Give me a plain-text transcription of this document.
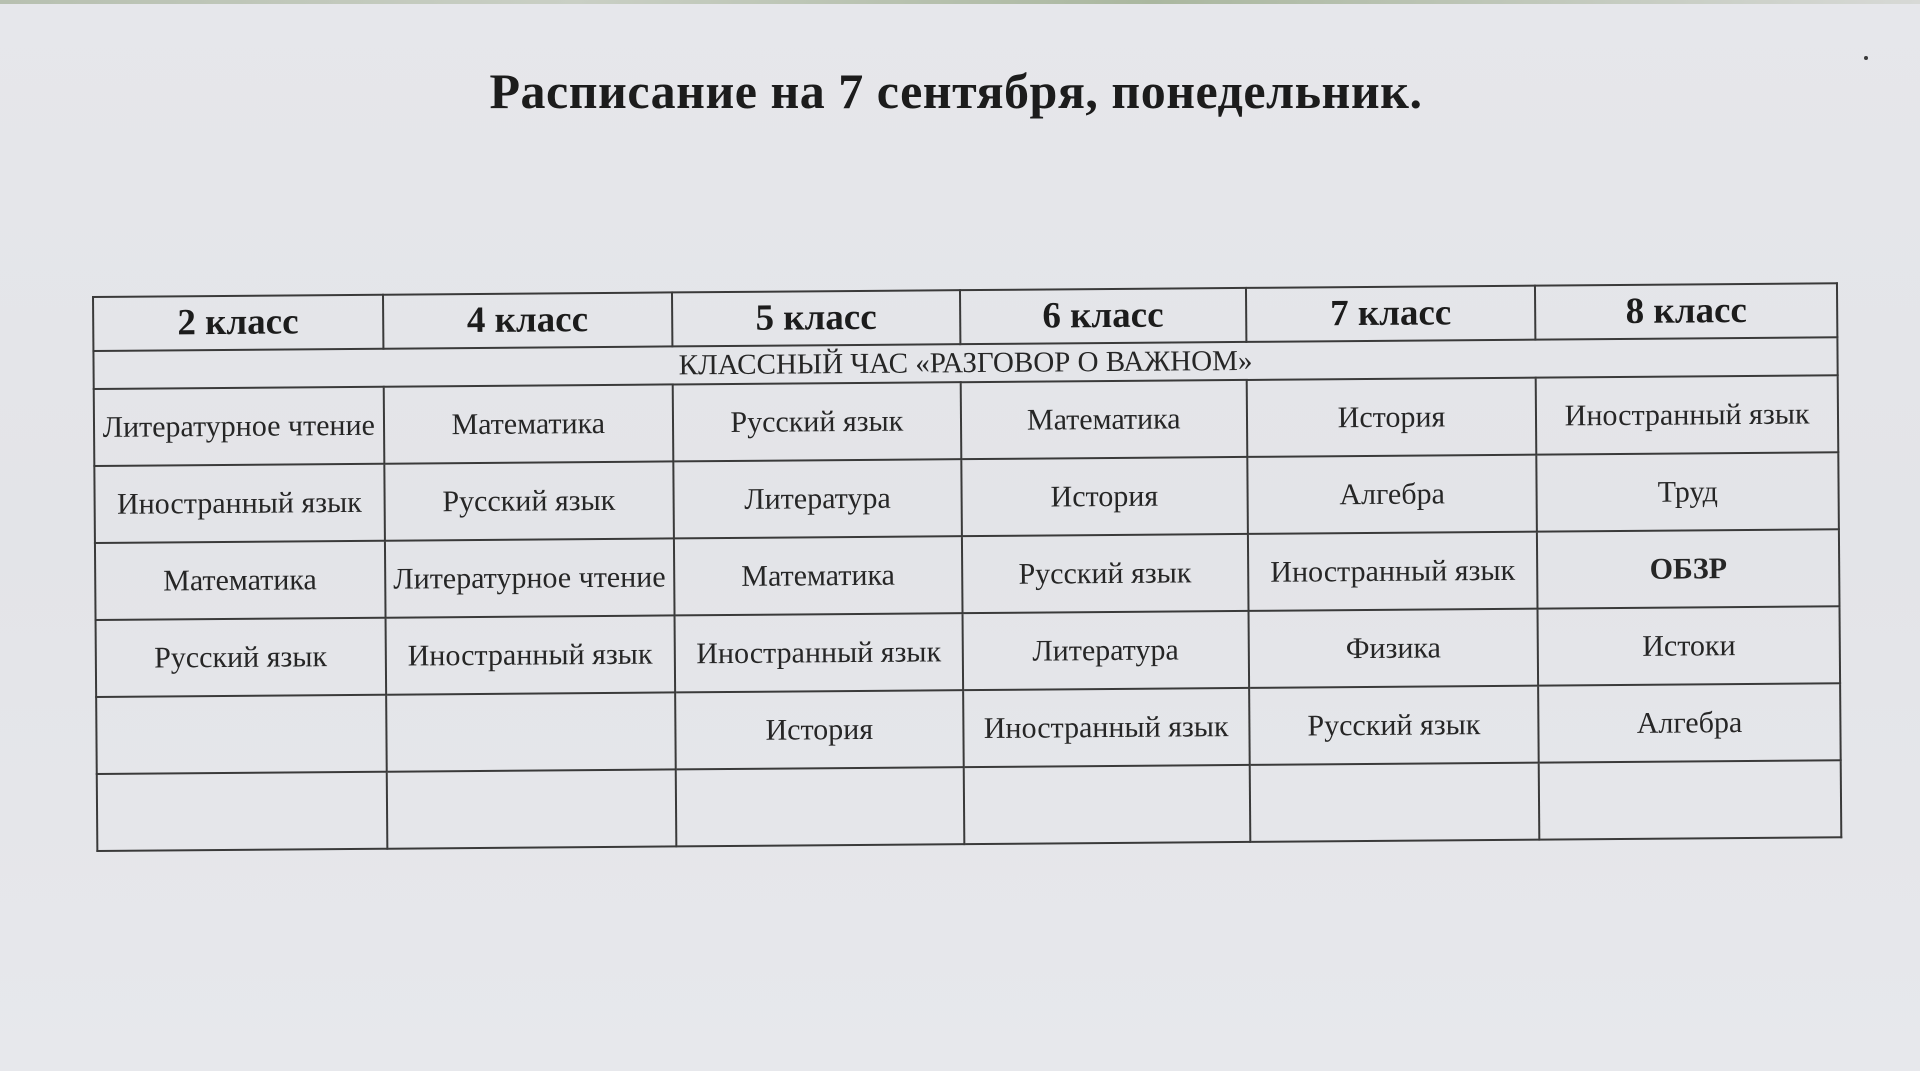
Расписание на 7 сентября, понедельник.
2 класс	4 класс	5 класс	6 класс	7 класс	8 класс
КЛАССНЫЙ ЧАС «РАЗГОВОР О ВАЖНОМ»					
Литературное чтение	Математика	Русский язык	Математика	История	Иностранный язык
Иностранный язык	Русский язык	Литература	История	Алгебра	Труд
Математика	Литературное чтение	Математика	Русский язык	Иностранный язык	ОБЗР
Русский язык	Иностранный язык	Иностранный язык	Литература	Физика	Истоки
		История	Иностранный язык	Русский язык	Алгебра
